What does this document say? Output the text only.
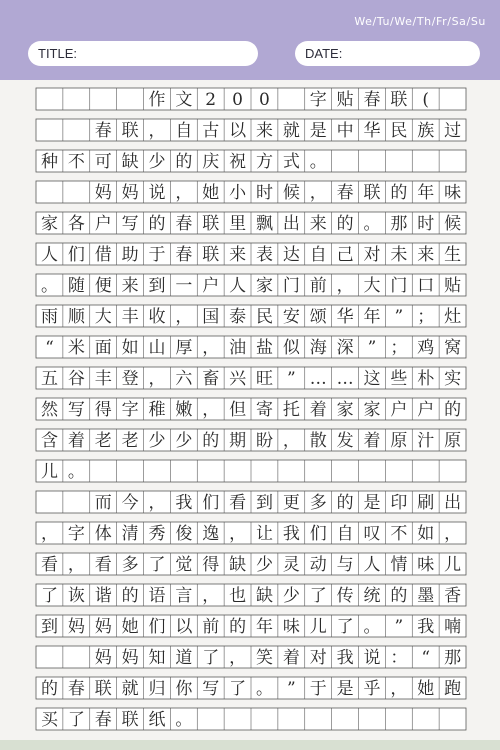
We/Tu/We/Th/Fr/Sa/Su
TITLE:	DATE:
作 文 2 0 0 字 贴 春 联 (
春 联 ， 自 古 以 来 就 是 中 华 民 族 过
种 不 可 缺 少 的 庆 祝 方 式 。
妈 妈 说 ， 她 小 时 候 ， 春 联 的 年 味
家 各 户 写 的 春 联 里 飘 出 来 的 。 那 时 候
人 们 借 助 于 春 联 来 表 达 自 己 对 未 来 生
。 随 便 来 到 一 户 人 家 门 前 ， 大 门 口 贴
雨 顺 大 丰 收 ， 国 泰 民 安 颂 华 年 ” ； 灶
“ 米 面 如 山 厚 ， 油 盐 似 海 深 ” ； 鸡 窝
五 谷 丰 登 ， 六 畜 兴 旺 ” … … 这 些 朴 实
然 写 得 字 稚 嫩 ， 但 寄 托 着 家 家 户 户 的
含 着 老 老 少 少 的 期 盼 ， 散 发 着 原 汁 原
儿 。
而 今 ， 我 们 看 到 更 多 的 是 印 刷 出
， 字 体 清 秀 俊 逸 ， 让 我 们 自 叹 不 如 ，
看 ， 看 多 了 觉 得 缺 少 灵 动 与 人 情 味 儿
了 诙 谐 的 语 言 ， 也 缺 少 了 传 统 的 墨 香
到 妈 妈 她 们 以 前 的 年 味 儿 了 。 ” 我 喃
妈 妈 知 道 了 ， 笑 着 对 我 说 ： “ 那
的 春 联 就 归 你 写 了 。 ” 于 是 乎 ， 她 跑
买 了 春 联 纸 。
